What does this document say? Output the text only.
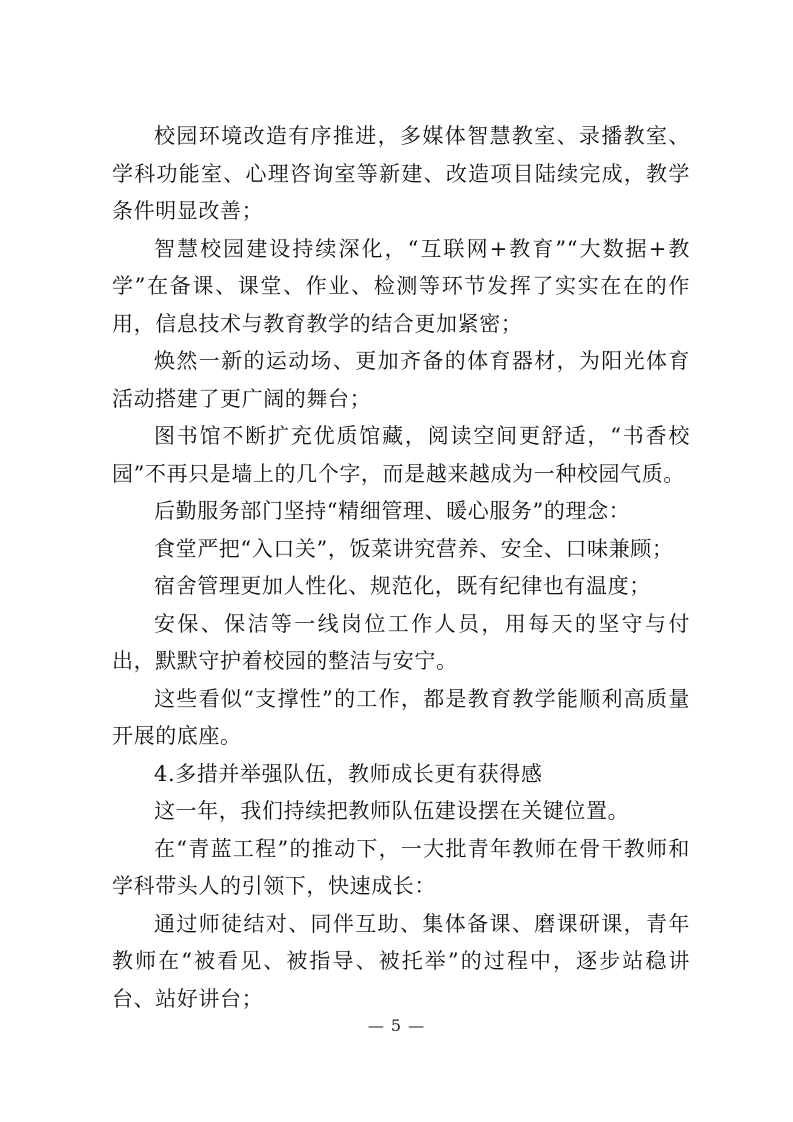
校园环境改造有序推进，多媒体智慧教室、录播教室、学科功能室、心理咨询室等新建、改造项目陆续完成，教学条件明显改善；

智慧校园建设持续深化，“互联网+教育”“大数据+教学”在备课、课堂、作业、检测等环节发挥了实实在在的作用，信息技术与教育教学的结合更加紧密；

焕然一新的运动场、更加齐备的体育器材，为阳光体育活动搭建了更广阔的舞台；

图书馆不断扩充优质馆藏，阅读空间更舒适，“书香校园”不再只是墙上的几个字，而是越来越成为一种校园气质。

后勤服务部门坚持“精细管理、暖心服务”的理念：

食堂严把“入口关”，饭菜讲究营养、安全、口味兼顾；

宿舍管理更加人性化、规范化，既有纪律也有温度；

安保、保洁等一线岗位工作人员，用每天的坚守与付出，默默守护着校园的整洁与安宁。

这些看似“支撑性”的工作，都是教育教学能顺利高质量开展的底座。

4.多措并举强队伍，教师成长更有获得感

这一年，我们持续把教师队伍建设摆在关键位置。

在“青蓝工程”的推动下，一大批青年教师在骨干教师和学科带头人的引领下，快速成长：

通过师徒结对、同伴互助、集体备课、磨课研课，青年教师在“被看见、被指导、被托举”的过程中，逐步站稳讲台、站好讲台；

— 5 —
